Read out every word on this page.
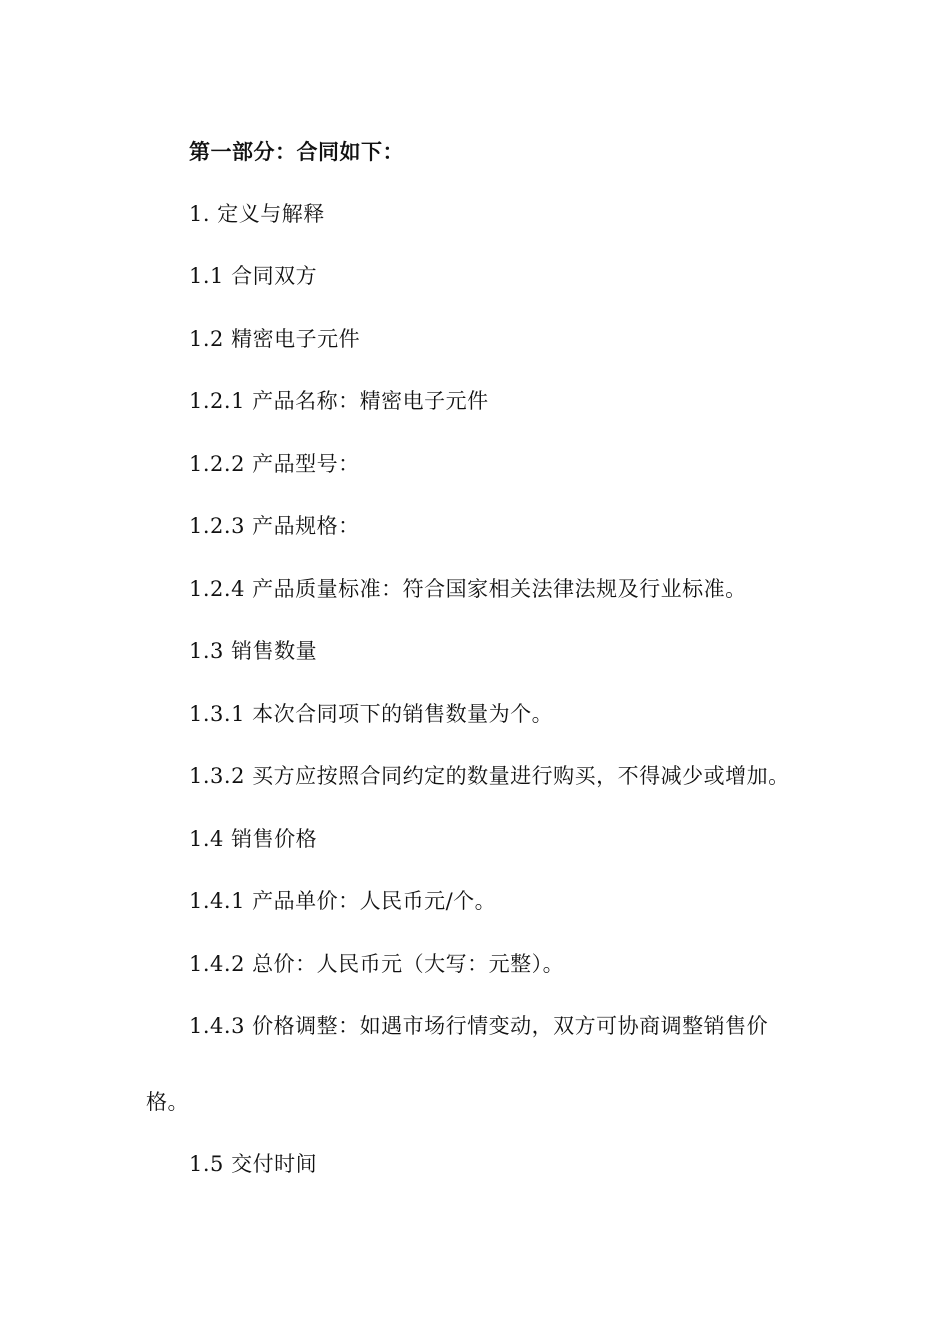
第一部分：合同如下：
1. 定义与解释
1.1 合同双方
1.2 精密电子元件
1.2.1 产品名称：精密电子元件
1.2.2 产品型号：
1.2.3 产品规格：
1.2.4 产品质量标准：符合国家相关法律法规及行业标准。
1.3 销售数量
1.3.1 本次合同项下的销售数量为个。
1.3.2 买方应按照合同约定的数量进行购买，不得减少或增加。
1.4 销售价格
1.4.1 产品单价：人民币元/个。
1.4.2 总价：人民币元（大写：元整）。
1.4.3 价格调整：如遇市场行情变动，双方可协商调整销售价
格。
1.5 交付时间
